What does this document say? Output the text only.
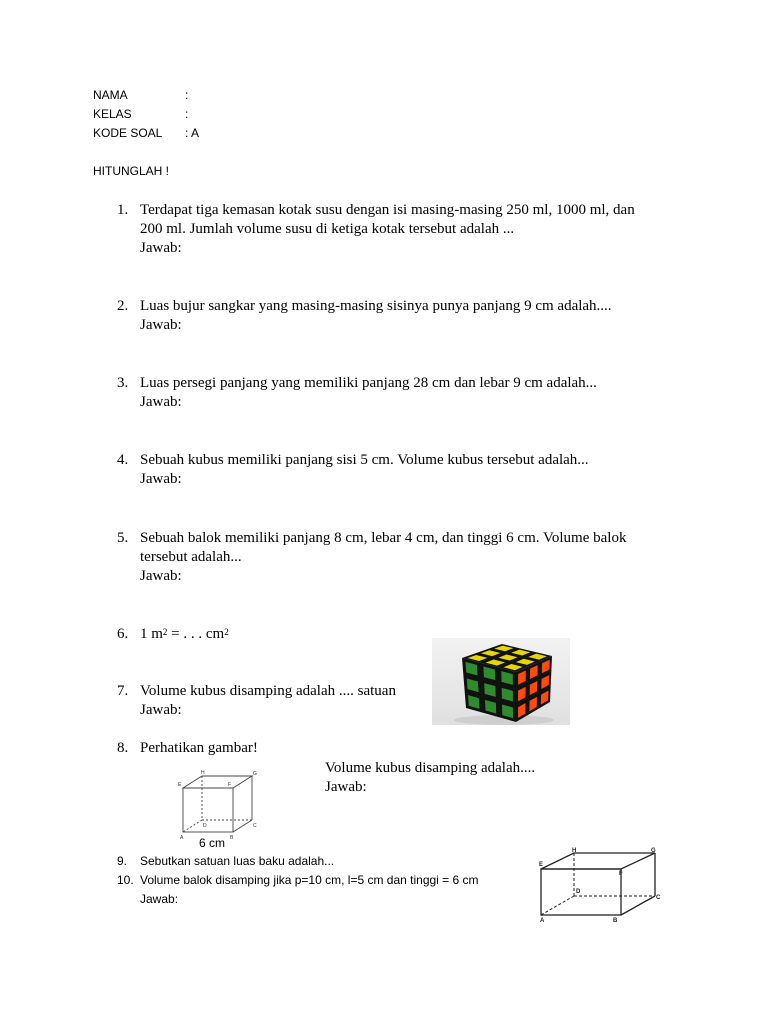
NAMA	:
KELAS	:
KODE SOAL : A
HITUNGLAH !
1. Terdapat tiga kemasan kotak susu dengan isi masing-masing 250 ml, 1000 ml, dan
200 ml. Jumlah volume susu di ketiga kotak tersebut adalah ...
Jawab:
2. Luas bujur sangkar yang masing-masing sisinya punya panjang 9 cm adalah....
Jawab:
3. Luas persegi panjang yang memiliki panjang 28 cm dan lebar 9 cm adalah...
Jawab:
4. Sebuah kubus memiliki panjang sisi 5 cm. Volume kubus tersebut adalah...
Jawab:
5. Sebuah balok memiliki panjang 8 cm, lebar 4 cm, dan tinggi 6 cm. Volume balok
tersebut adalah...
Jawab:
6. 1 $m^2$ = . . . $cm^2$
7. Volume kubus disamping adalah .... satuan
Jawab:
8. Perhatikan gambar!
Volume kubus disamping adalah....
Jawab:
H	G
E	F
D
A	B
C
6 cm
9. Sebutkan satuan luas baku adalah...
10. Volume balok disamping jika p=10 cm, l=5 cm dan tinggi = 6 cm
Jawab:
H	G
E
F
D
A	B
C
